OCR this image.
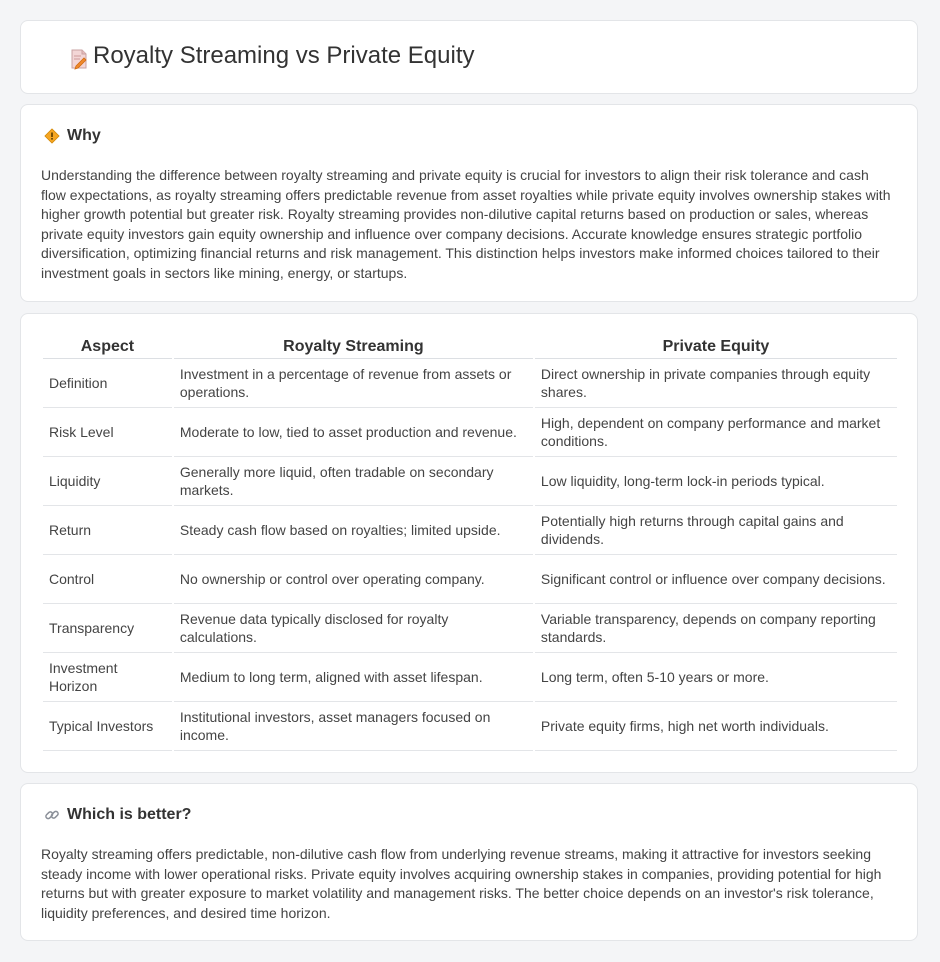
Royalty Streaming vs Private Equity
Why

Understanding the difference between royalty streaming and private equity is crucial for investors to align their risk tolerance and cash flow expectations, as royalty streaming offers predictable revenue from asset royalties while private equity involves ownership stakes with higher growth potential but greater risk. Royalty streaming provides non-dilutive capital returns based on production or sales, whereas private equity investors gain equity ownership and influence over company decisions. Accurate knowledge ensures strategic portfolio diversification, optimizing financial returns and risk management. This distinction helps investors make informed choices tailored to their investment goals in sectors like mining, energy, or startups.

Aspect	Royalty Streaming	Private Equity
Definition	Investment in a percentage of revenue from assets or operations.	Direct ownership in private companies through equity shares.
Risk Level	Moderate to low, tied to asset production and revenue.	High, dependent on company performance and market conditions.
Liquidity	Generally more liquid, often tradable on secondary markets.	Low liquidity, long-term lock-in periods typical.
Return	Steady cash flow based on royalties; limited upside.	Potentially high returns through capital gains and dividends.
Control	No ownership or control over operating company.	Significant control or influence over company decisions.
Transparency	Revenue data typically disclosed for royalty calculations.	Variable transparency, depends on company reporting standards.
Investment Horizon	Medium to long term, aligned with asset lifespan.	Long term, often 5-10 years or more.
Typical Investors	Institutional investors, asset managers focused on income.	Private equity firms, high net worth individuals.
Which is better?

Royalty streaming offers predictable, non-dilutive cash flow from underlying revenue streams, making it attractive for investors seeking steady income with lower operational risks. Private equity involves acquiring ownership stakes in companies, providing potential for high returns but with greater exposure to market volatility and management risks. The better choice depends on an investor's risk tolerance, liquidity preferences, and desired time horizon.
